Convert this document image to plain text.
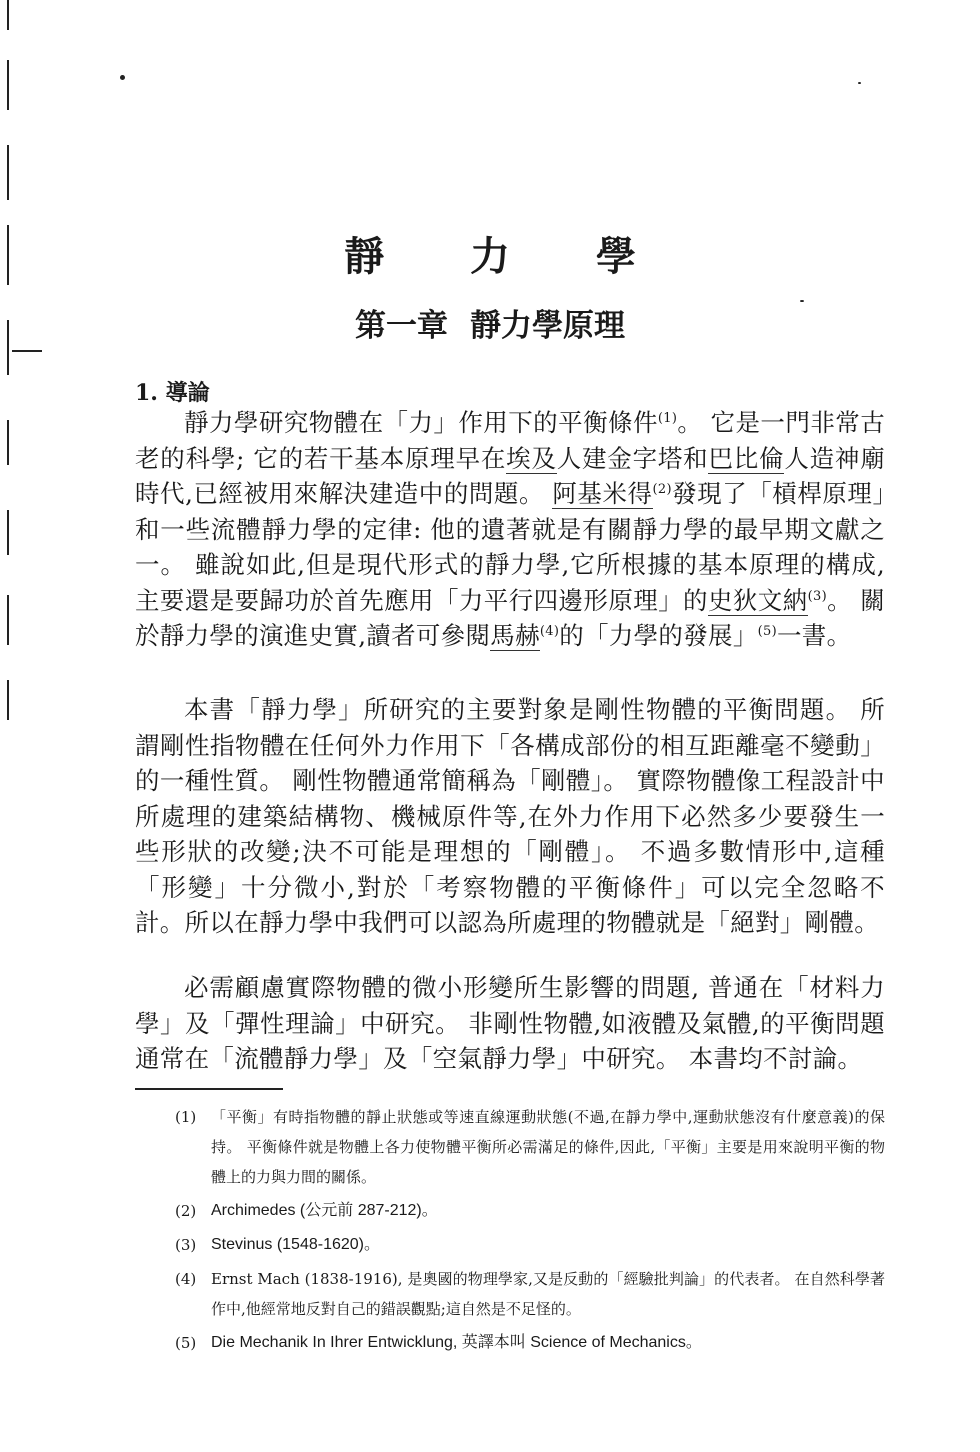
靜 力 學
第一章 靜力學原理
1. 導論
靜力學研究物體在「力」作用下的平衡條件$^{(1)}$。 它是一門非常古老的科學; 它的若干基本原理早在埃及人建金字塔和巴比倫人造神廟時代,已經被用來解決建造中的問題。 阿基米得$^{(2)}$發現了「槓桿原理」和一些流體靜力學的定律: 他的遺著就是有關靜力學的最早期文獻之一。 雖說如此,但是現代形式的靜力學,它所根據的基本原理的構成,主要還是要歸功於首先應用「力平行四邊形原理」的史狄文納$^{(3)}$。 關於靜力學的演進史實,讀者可參閱馬赫$^{(4)}$的「力學的發展」$^{(5)}$一書。
本書「靜力學」所研究的主要對象是剛性物體的平衡問題。 所謂剛性指物體在任何外力作用下「各構成部份的相互距離毫不變動」的一種性質。 剛性物體通常簡稱為「剛體」。 實際物體像工程設計中所處理的建築結構物、機械原件等,在外力作用下必然多少要發生一些形狀的改變;決不可能是理想的「剛體」。 不過多數情形中,這種「形變」十分微小,對於「考察物體的平衡條件」可以完全忽略不計。所以在靜力學中我們可以認為所處理的物體就是「絕對」剛體。
必需顧慮實際物體的微小形變所生影響的問題, 普通在「材料力學」及「彈性理論」中研究。 非剛性物體,如液體及氣體,的平衡問題通常在「流體靜力學」及「空氣靜力學」中研究。 本書均不討論。
(1) 「平衡」有時指物體的靜止狀態或等速直線運動狀態(不過,在靜力學中,運動狀態沒有什麼意義)的保持。 平衡條件就是物體上各力使物體平衡所必需滿足的條件,因此,「平衡」主要是用來說明平衡的物體上的力與力間的關係。
(2) Archimedes (公元前 287-212)。
(3) Stevinus (1548-1620)。
(4) Ernst Mach (1838-1916), 是奧國的物理學家,又是反動的「經驗批判論」的代表者。 在自然科學著作中,他經常地反對自己的錯誤觀點;這自然是不足怪的。
(5) Die Mechanik In Ihrer Entwicklung, 英譯本叫 Science of Mechanics。
